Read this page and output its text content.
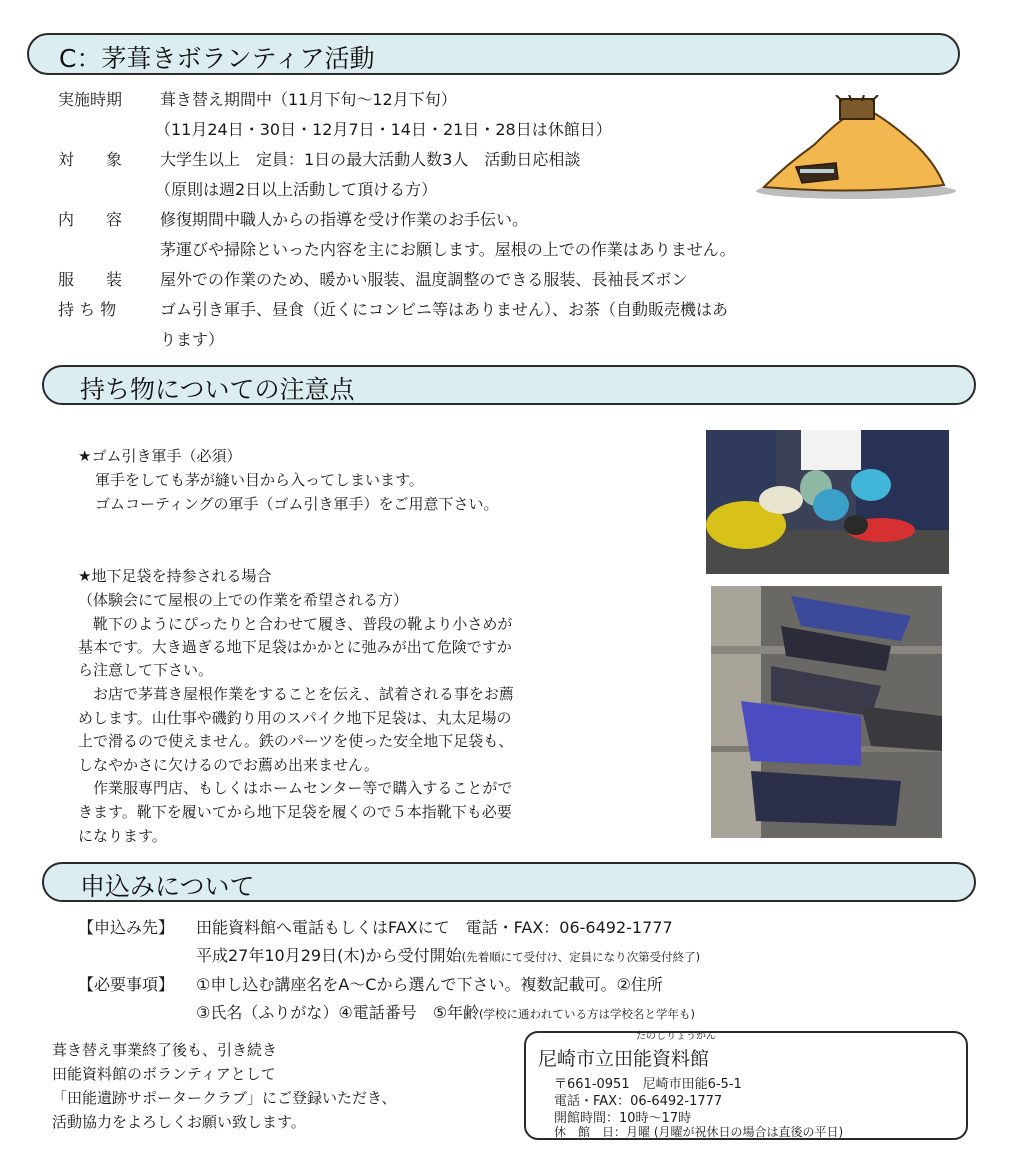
C：茅葺きボランティア活動
実施時期 葺き替え期間中（11月下旬～12月下旬）
（11月24日・30日・12月7日・14日・21日・28日は休館日）
対　　象 大学生以上　定員：1日の最大活動人数3人　活動日応相談
（原則は週2日以上活動して頂ける方）
内　　容 修復期間中職人からの指導を受け作業のお手伝い。
茅運びや掃除といった内容を主にお願します。屋根の上での作業はありません。
服　　装 屋外での作業のため、暖かい服装、温度調整のできる服装、長袖長ズボン
持 ち 物	ゴム引き軍手、昼食（近くにコンビニ等はありません）、お茶（自動販売機はあ
ります）
持ち物についての注意点
★ゴム引き軍手（必須）
軍手をしても茅が縫い目から入ってしまいます。
ゴムコーティングの軍手（ゴム引き軍手）をご用意下さい。
★地下足袋を持参される場合
（体験会にて屋根の上での作業を希望される方）
　靴下のようにぴったりと合わせて履き、普段の靴より小さめが
基本です。大き過ぎる地下足袋はかかとに弛みが出て危険ですか
ら注意して下さい。
　お店で茅葺き屋根作業をすることを伝え、試着される事をお薦
めします。山仕事や磯釣り用のスパイク地下足袋は、丸太足場の
上で滑るので使えません。鉄のパーツを使った安全地下足袋も、
しなやかさに欠けるのでお薦め出来ません。
　作業服専門店、もしくはホームセンター等で購入することがで
きます。靴下を履いてから地下足袋を履くので５本指靴下も必要
になります。
申込みについて
【申込み先】 田能資料館へ電話もしくはFAXにて　電話・FAX：06-6492-1777
平成27年10月29日(木)から受付開始(先着順にて受付け、定員になり次第受付終了)
【必要事項】 ①申し込む講座名をA～Cから選んで下さい。複数記載可。②住所
③氏名（ふりがな）④電話番号　⑤年齢(学校に通われている方は学校名と学年も)
葺き替え事業終了後も、引き続き
田能資料館のボランティアとして
「田能遺跡サポータークラブ」にご登録いただき、
活動協力をよろしくお願い致します。
たのしりょうかん
尼崎市立田能資料館
〒661-0951　尼崎市田能6-5-1
電話・FAX：06-6492-1777
開館時間：10時～17時
休　館　日：月曜 (月曜が祝休日の場合は直後の平日)
